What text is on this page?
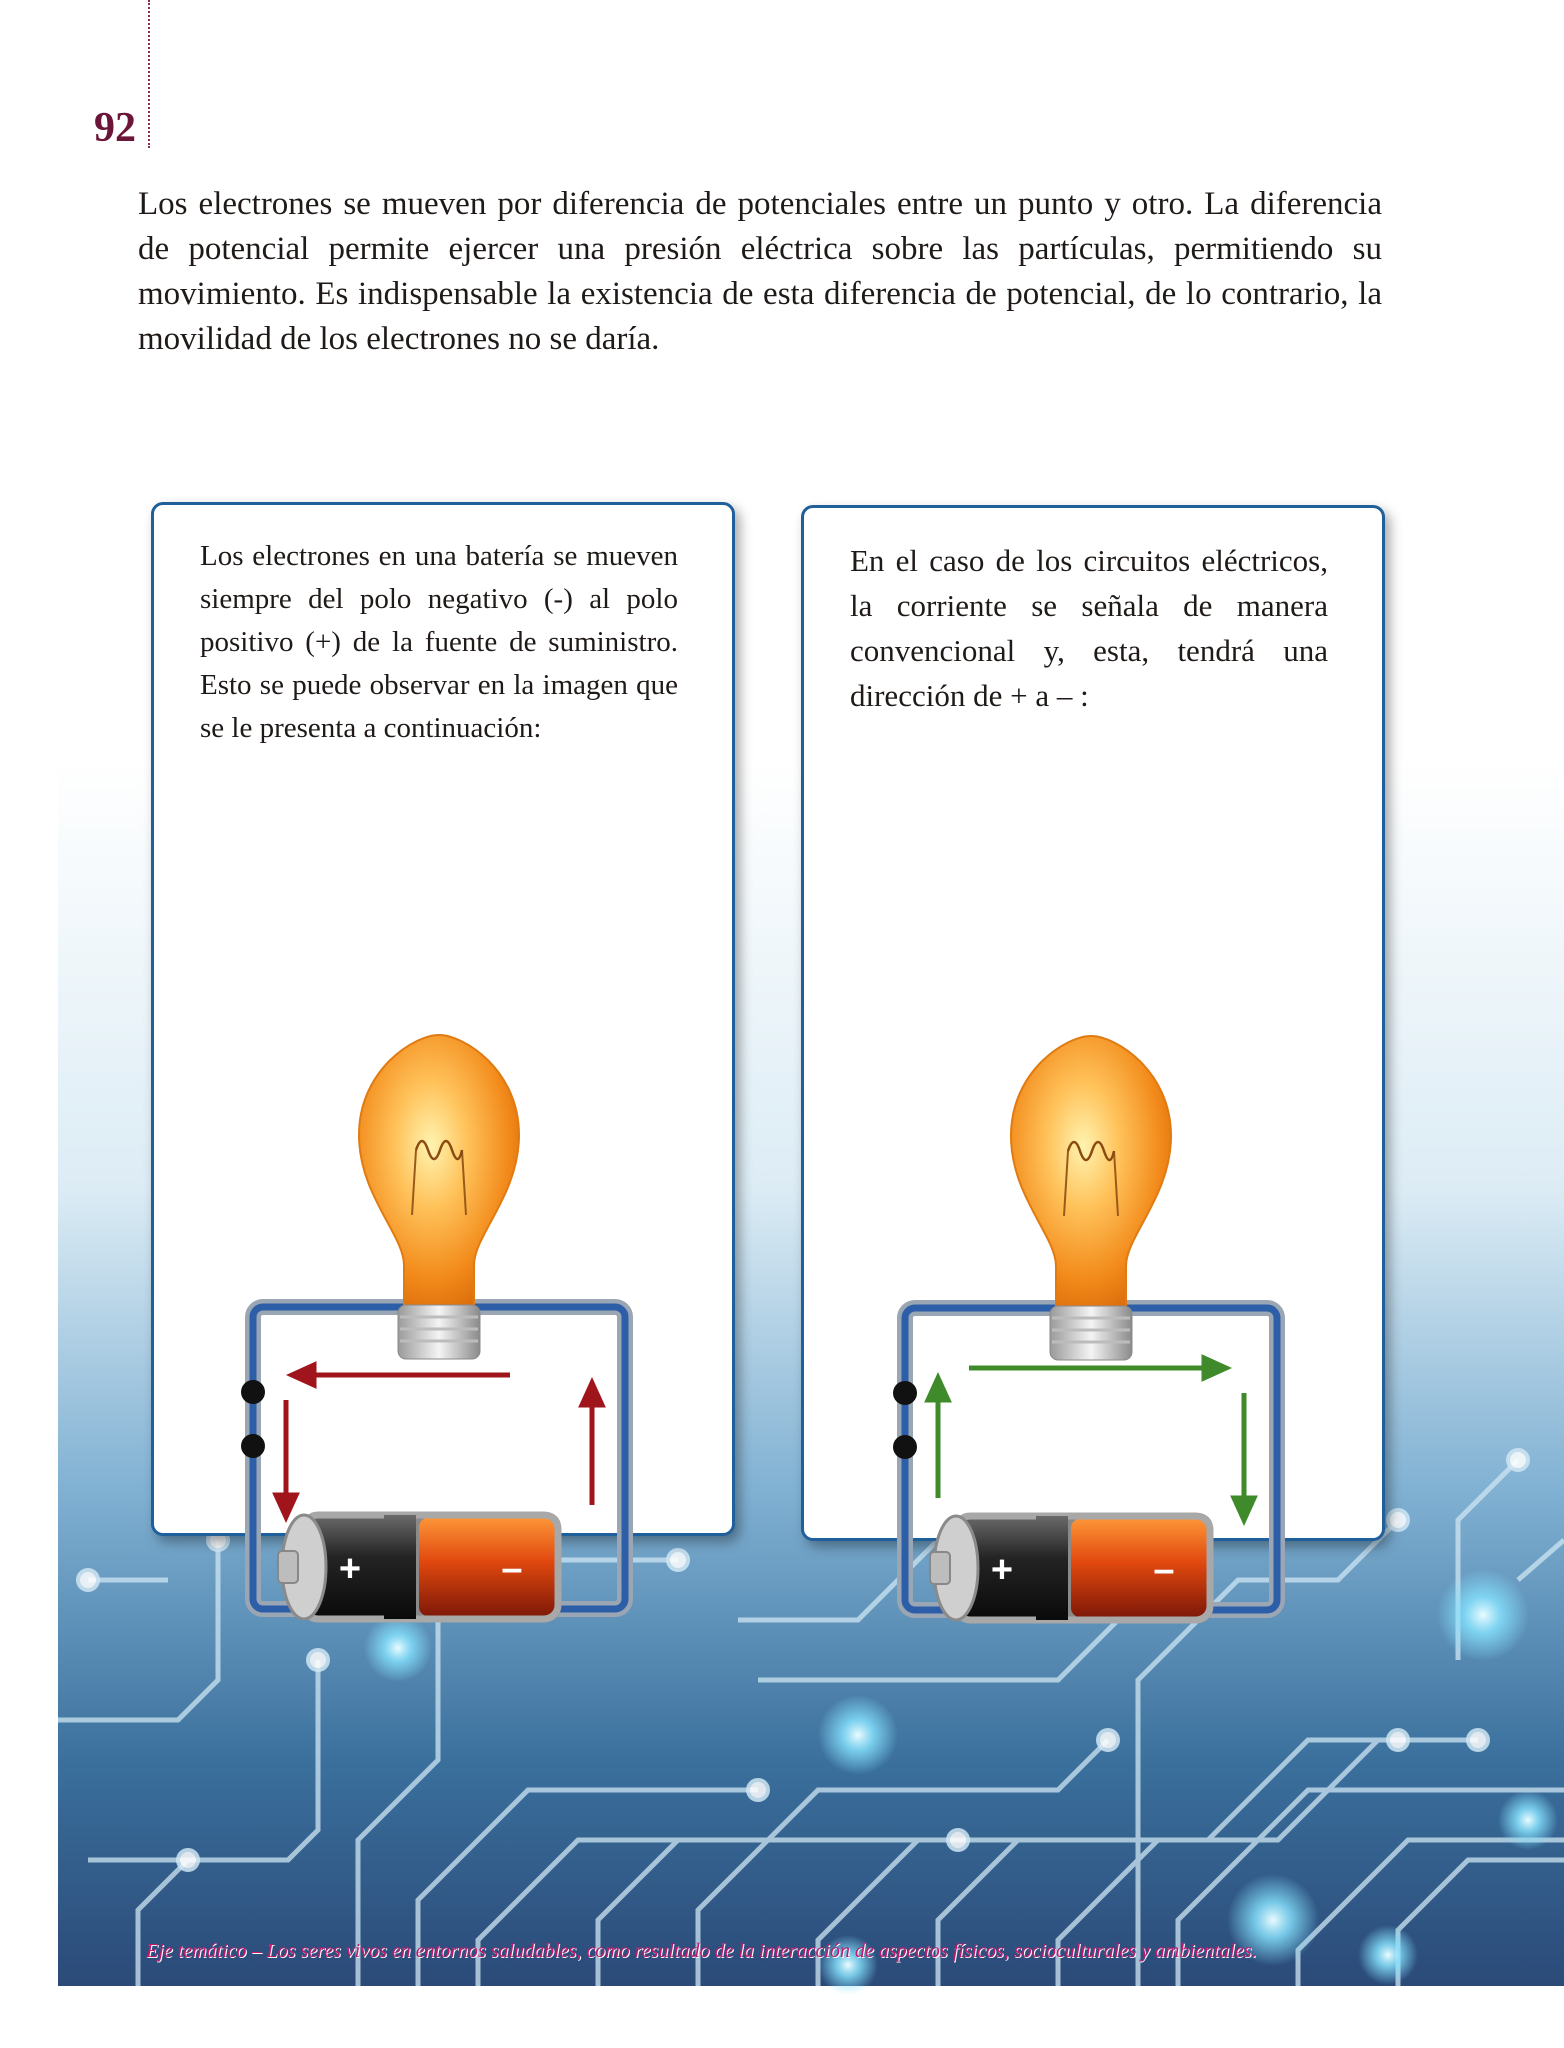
92

Los electrones se mueven por diferencia de potenciales entre un punto y otro. La diferencia de potencial permite ejercer una presión eléctrica sobre las partículas, permitiendo su movimiento. Es indispensable la existencia de esta diferencia de potencial, de lo contrario, la movilidad de los electrones no se daría.

Los electrones en una batería se mueven siempre del polo negativo (-) al polo positivo (+) de la fuente de suministro. Esto se puede observar en la imagen que se le presenta a continuación:

+	–

En el caso de los circuitos eléctricos, la corriente se señala de manera convencional y, esta, tendrá una dirección de + a – :

+	–
Eje temático – Los seres vivos en entornos saludables, como resultado de la interacción de aspectos físicos, socioculturales y ambientales.
